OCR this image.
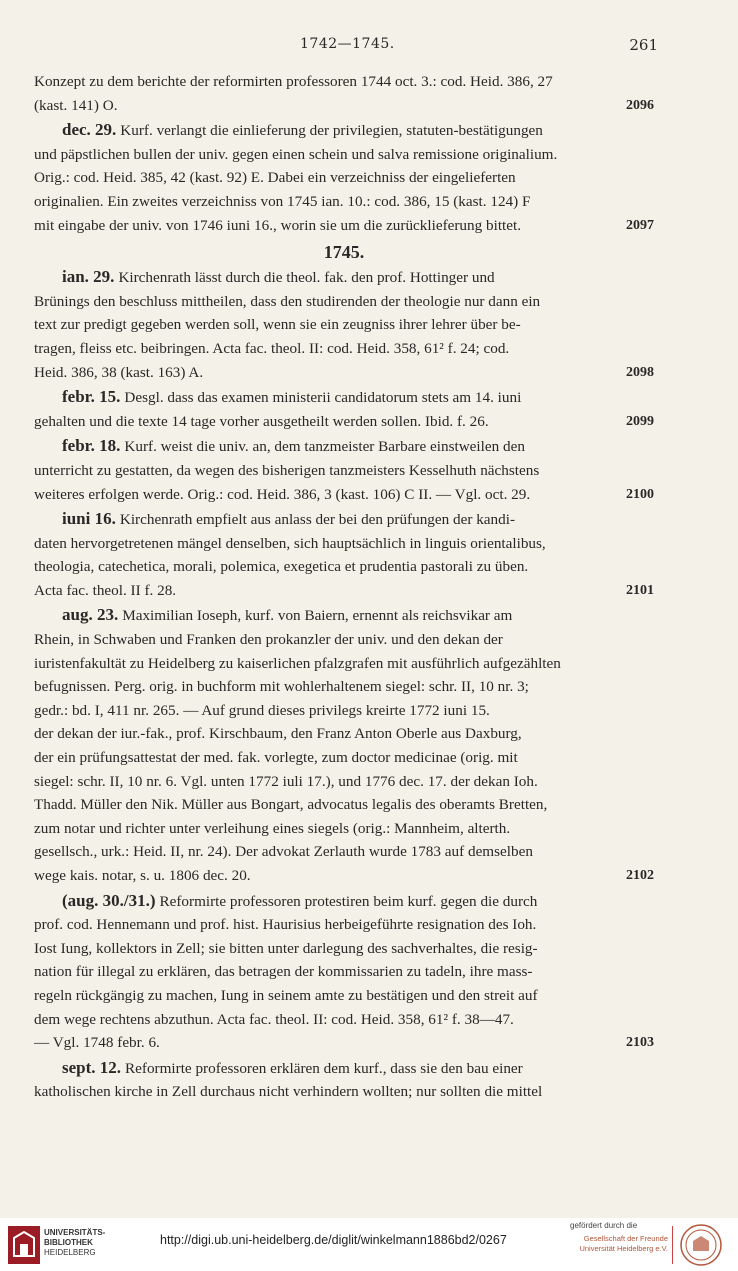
1742—1745.	261

Konzept zu dem berichte der reformirten professoren 1744 oct. 3.: cod. Heid. 386, 27
(kast. 141) O.	2096

dec. 29. Kurf. verlangt die einlieferung der privilegien, statuten-bestätigungen
und päpstlichen bullen der univ. gegen einen schein und salva remissione originalium.
Orig.: cod. Heid. 385, 42 (kast. 92) E. Dabei ein verzeichniss der eingelieferten
originalien. Ein zweites verzeichniss von 1745 ian. 10.: cod. 386, 15 (kast. 124) F
mit eingabe der univ. von 1746 iuni 16., worin sie um die zurücklieferung bittet.	2097

1745.

ian. 29. Kirchenrath lässt durch die theol. fak. den prof. Hottinger und
Brünings den beschluss mittheilen, dass den studirenden der theologie nur dann ein
text zur predigt gegeben werden soll, wenn sie ein zeugniss ihrer lehrer über be-
tragen, fleiss etc. beibringen. Acta fac. theol. II: cod. Heid. 358, 61² f. 24; cod.
Heid. 386, 38 (kast. 163) A.	2098

febr. 15. Desgl. dass das examen ministerii candidatorum stets am 14. iuni
gehalten und die texte 14 tage vorher ausgetheilt werden sollen. Ibid. f. 26.	2099

febr. 18. Kurf. weist die univ. an, dem tanzmeister Barbare einstweilen den
unterricht zu gestatten, da wegen des bisherigen tanzmeisters Kesselhuth nächstens
weiteres erfolgen werde. Orig.: cod. Heid. 386, 3 (kast. 106) C II. — Vgl. oct. 29.	2100

iuni 16. Kirchenrath empfielt aus anlass der bei den prüfungen der kandi-
daten hervorgetretenen mängel denselben, sich hauptsächlich in linguis orientalibus,
theologia, catechetica, morali, polemica, exegetica et prudentia pastorali zu üben.
Acta fac. theol. II f. 28.	2101

aug. 23. Maximilian Ioseph, kurf. von Baiern, ernennt als reichsvikar am
Rhein, in Schwaben und Franken den prokanzler der univ. und den dekan der
iuristenfakultät zu Heidelberg zu kaiserlichen pfalzgrafen mit ausführlich aufgezählten
befugnissen. Perg. orig. in buchform mit wohlerhaltenem siegel: schr. II, 10 nr. 3;
gedr.: bd. I, 411 nr. 265. — Auf grund dieses privilegs kreirte 1772 iuni 15.
der dekan der iur.-fak., prof. Kirschbaum, den Franz Anton Oberle aus Daxburg,
der ein prüfungsattestat der med. fak. vorlegte, zum doctor medicinae (orig. mit
siegel: schr. II, 10 nr. 6. Vgl. unten 1772 iuli 17.), und 1776 dec. 17. der dekan Ioh.
Thadd. Müller den Nik. Müller aus Bongart, advocatus legalis des oberamts Bretten,
zum notar und richter unter verleihung eines siegels (orig.: Mannheim, alterth.
gesellsch., urk.: Heid. II, nr. 24). Der advokat Zerlauth wurde 1783 auf demselben
wege kais. notar, s. u. 1806 dec. 20.	2102

(aug. 30./31.) Reformirte professoren protestiren beim kurf. gegen die durch
prof. cod. Hennemann und prof. hist. Haurisius herbeigeführte resignation des Ioh.
Iost Iung, kollektors in Zell; sie bitten unter darlegung des sachverhaltes, die resig-
nation für illegal zu erklären, das betragen der kommissarien zu tadeln, ihre mass-
regeln rückgängig zu machen, Iung in seinem amte zu bestätigen und den streit auf
dem wege rechtens abzuthun. Acta fac. theol. II: cod. Heid. 358, 61² f. 38—47.
— Vgl. 1748 febr. 6.	2103

sept. 12. Reformirte professoren erklären dem kurf., dass sie den bau einer
katholischen kirche in Zell durchaus nicht verhindern wollten; nur sollten die mittel

UNIVERSITÄTS-
BIBLIOTHEK
HEIDELBERG
http://digi.ub.uni-heidelberg.de/diglit/winkelmann1886bd2/0267
gefördert durch die
Gesellschaft der Freunde
Universität Heidelberg e.V.
